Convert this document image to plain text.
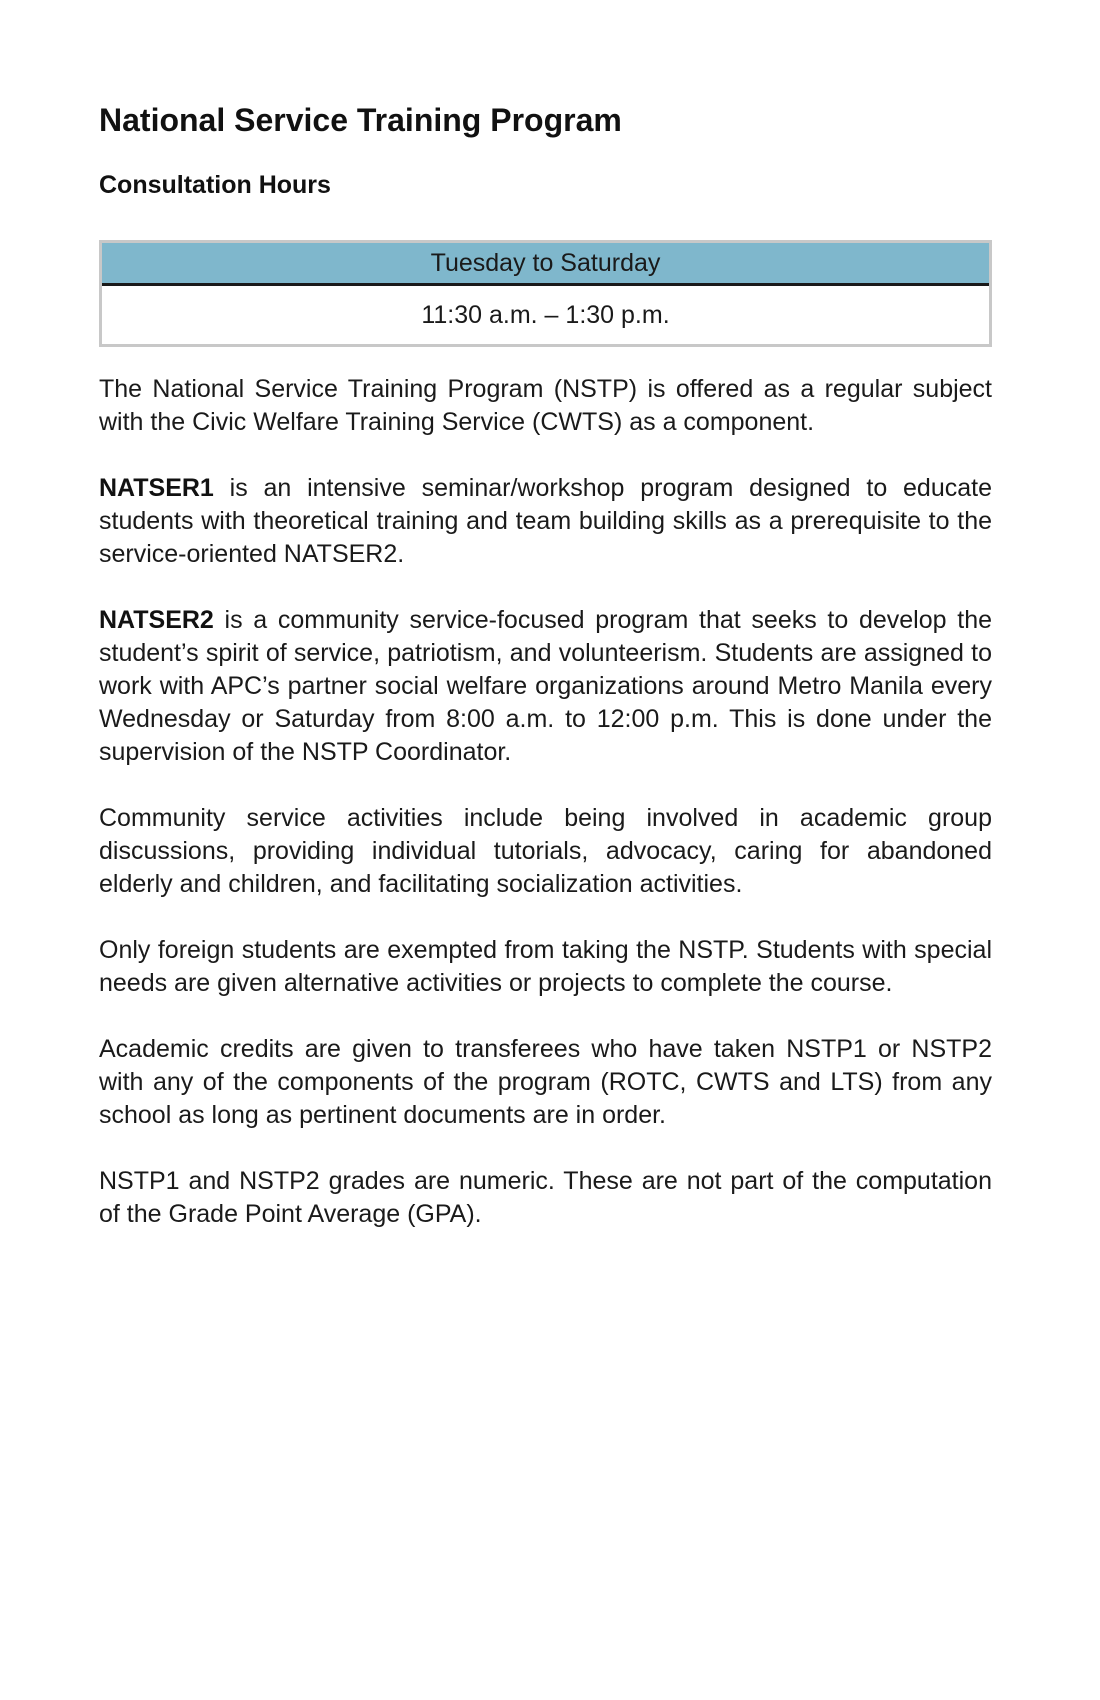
National Service Training Program
Consultation Hours
Tuesday to Saturday
11:30 a.m. – 1:30 p.m.

The National Service Training Program (NSTP) is offered as a regular subject with the Civic Welfare Training Service (CWTS) as a component.

NATSER1 is an intensive seminar/workshop program designed to educate students with theoretical training and team building skills as a prerequisite to the service-oriented NATSER2.

NATSER2 is a community service-focused program that seeks to develop the student’s spirit of service, patriotism, and volunteerism. Students are assigned to work with APC’s partner social welfare organizations around Metro Manila every Wednesday or Saturday from 8:00 a.m. to 12:00 p.m. This is done under the supervision of the NSTP Coordinator.

Community service activities include being involved in academic group discussions, providing individual tutorials, advocacy, caring for abandoned elderly and children, and facilitating socialization activities.

Only foreign students are exempted from taking the NSTP. Students with special needs are given alternative activities or projects to complete the course.

Academic credits are given to transferees who have taken NSTP1 or NSTP2 with any of the components of the program (ROTC, CWTS and LTS) from any school as long as pertinent documents are in order.

NSTP1 and NSTP2 grades are numeric. These are not part of the computation of the Grade Point Average (GPA).
